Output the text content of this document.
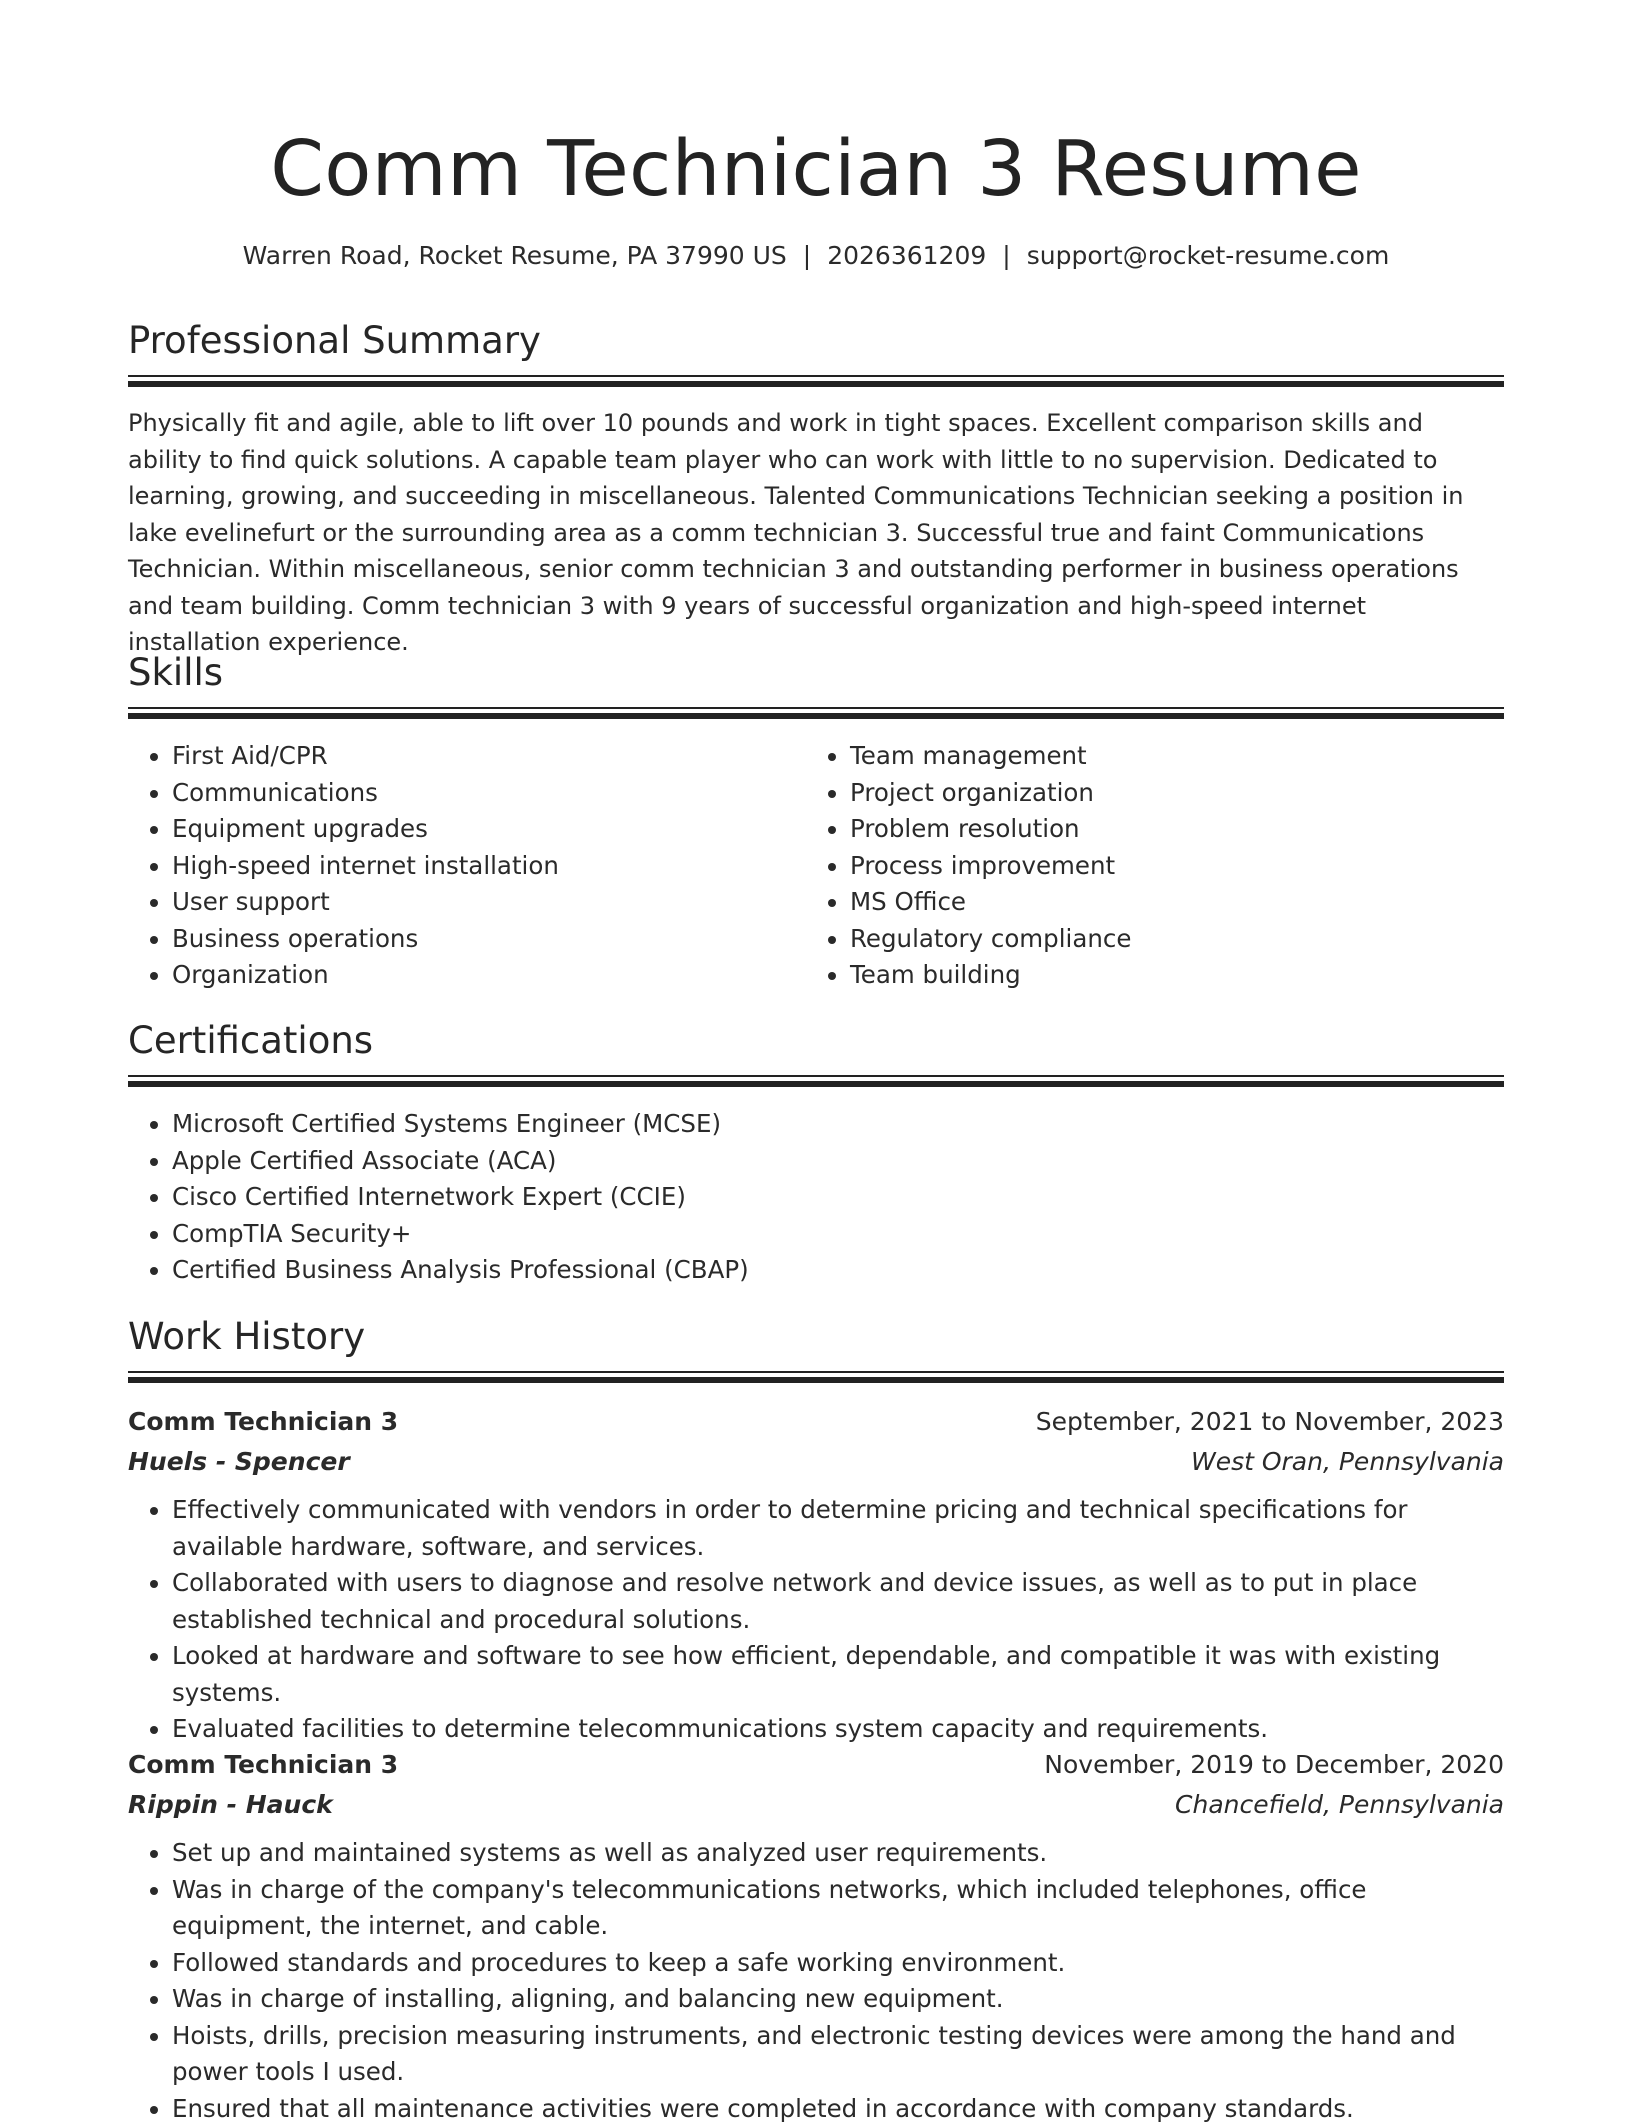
Comm Technician 3 Resume
Warren Road, Rocket Resume, PA 37990 US | 2026361209 | support@rocket-resume.com
Professional Summary

Physically fit and agile, able to lift over 10 pounds and work in tight spaces. Excellent comparison skills and ability to find quick solutions. A capable team player who can work with little to no supervision. Dedicated to learning, growing, and succeeding in miscellaneous. Talented Communications Technician seeking a position in lake evelinefurt or the surrounding area as a comm technician 3. Successful true and faint Communications Technician. Within miscellaneous, senior comm technician 3 and outstanding performer in business operations and team building. Comm technician 3 with 9 years of successful organization and high-speed internet installation experience.

Skills
• First Aid/CPR
• Communications
• Equipment upgrades
• High-speed internet installation
• User support
• Business operations
• Organization
• Team management
• Project organization
• Problem resolution
• Process improvement
• MS Office
• Regulatory compliance
• Team building
Certifications
• Microsoft Certified Systems Engineer (MCSE)
• Apple Certified Associate (ACA)
• Cisco Certified Internetwork Expert (CCIE)
• CompTIA Security+
• Certified Business Analysis Professional (CBAP)
Work History
Comm Technician 3	September, 2021 to November, 2023
Huels - Spencer	West Oran, Pennsylvania
• Effectively communicated with vendors in order to determine pricing and technical specifications for available hardware, software, and services.
• Collaborated with users to diagnose and resolve network and device issues, as well as to put in place established technical and procedural solutions.
• Looked at hardware and software to see how efficient, dependable, and compatible it was with existing systems.
• Evaluated facilities to determine telecommunications system capacity and requirements.
Comm Technician 3	November, 2019 to December, 2020
Rippin - Hauck	Chancefield, Pennsylvania
• Set up and maintained systems as well as analyzed user requirements.
• Was in charge of the company's telecommunications networks, which included telephones, office equipment, the internet, and cable.
• Followed standards and procedures to keep a safe working environment.
• Was in charge of installing, aligning, and balancing new equipment.
• Hoists, drills, precision measuring instruments, and electronic testing devices were among the hand and power tools I used.
• Ensured that all maintenance activities were completed in accordance with company standards.
